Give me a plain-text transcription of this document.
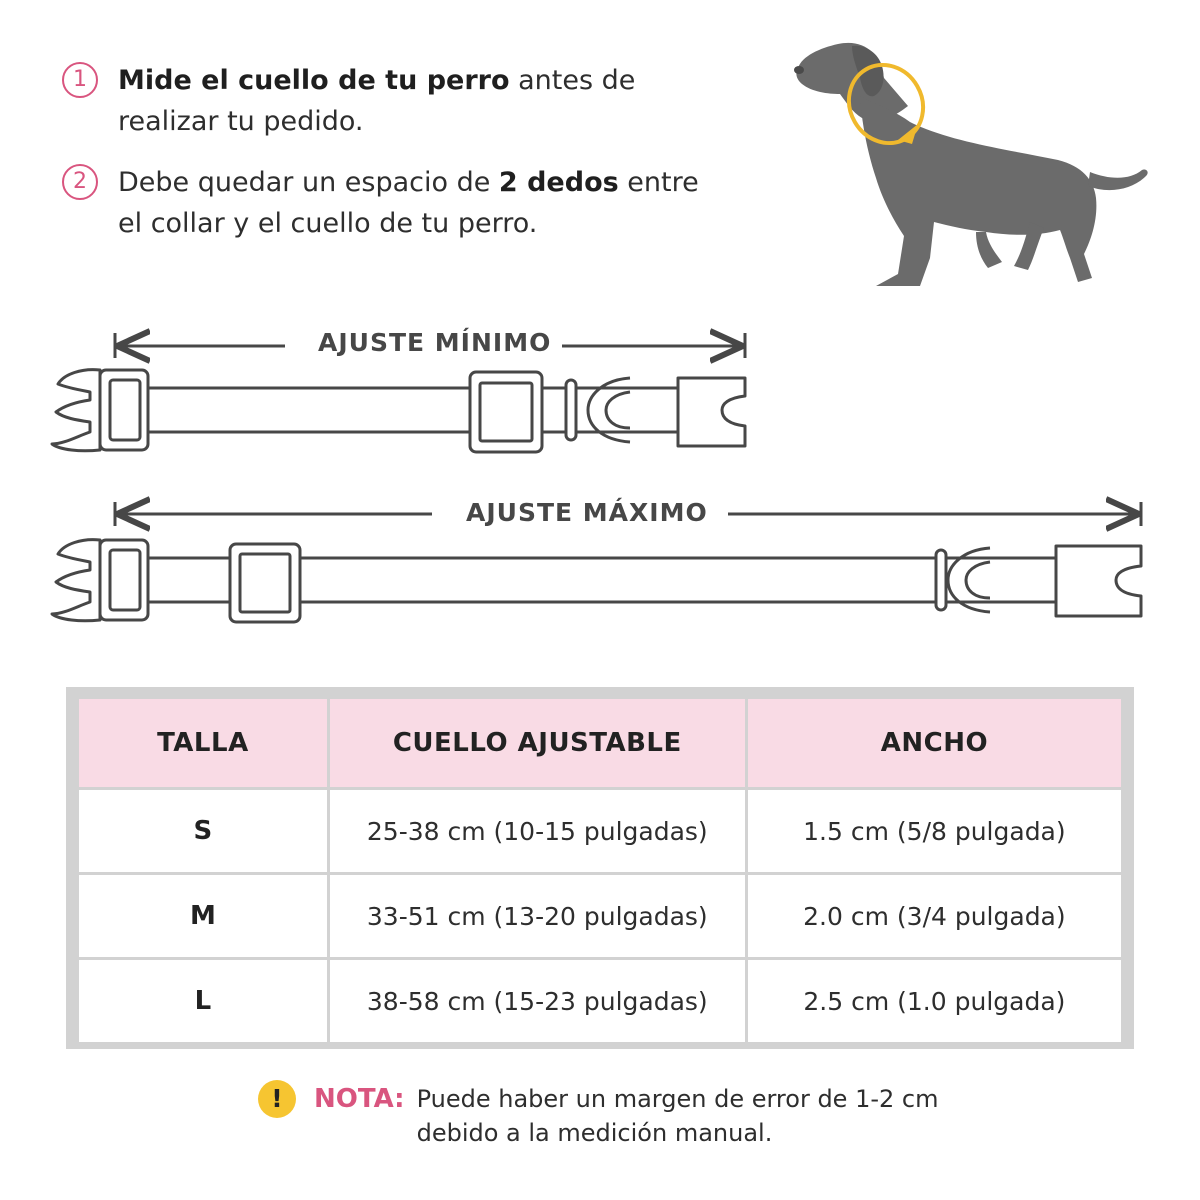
1	Mide el cuello de tu perro antes de realizar tu pedido.
2	Debe quedar un espacio de 2 dedos entre el collar y el cuello de tu perro.
AJUSTE MÍNIMO
AJUSTE MÁXIMO
TALLA	CUELLO AJUSTABLE	ANCHO
S	25-38 cm (10-15 pulgadas)	1.5 cm (5/8 pulgada)
M	33-51 cm (13-20 pulgadas)	2.0 cm (3/4 pulgada)
L	38-58 cm (15-23 pulgadas)	2.5 cm (1.0 pulgada)
!	NOTA: Puede haber un margen de error de 1-2 cm debido a la medición manual.
